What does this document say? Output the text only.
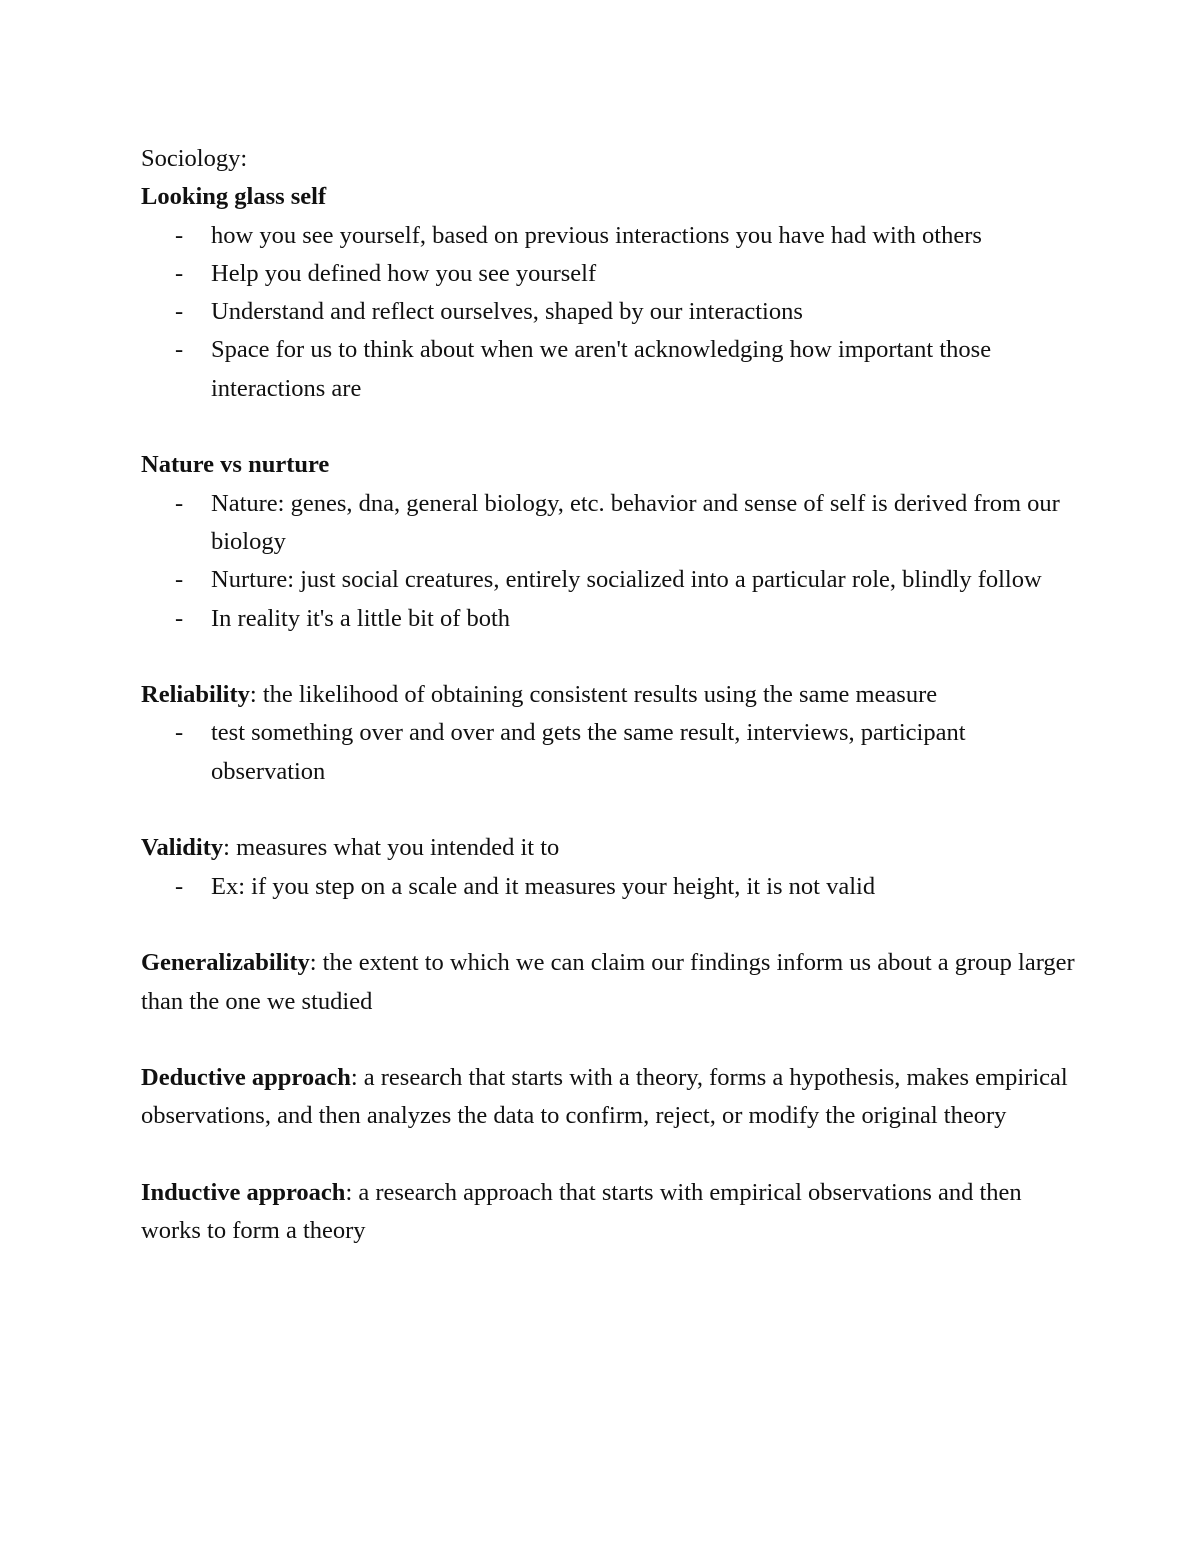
Sociology:

Looking glass self

- how you see yourself, based on previous interactions you have had with others
- Help you defined how you see yourself
- Understand and reflect ourselves, shaped by our interactions
- Space for us to think about when we aren't acknowledging how important those interactions are

Nature vs nurture

- Nature: genes, dna, general biology, etc. behavior and sense of self is derived from our biology
- Nurture: just social creatures, entirely socialized into a particular role, blindly follow
- In reality it's a little bit of both

Reliability: the likelihood of obtaining consistent results using the same measure

- test something over and over and gets the same result, interviews, participant observation

Validity: measures what you intended it to

- Ex: if you step on a scale and it measures your height, it is not valid

Generalizability: the extent to which we can claim our findings inform us about a group larger than the one we studied

Deductive approach: a research that starts with a theory, forms a hypothesis, makes empirical observations, and then analyzes the data to confirm, reject, or modify the original theory

Inductive approach: a research approach that starts with empirical observations and then works to form a theory
